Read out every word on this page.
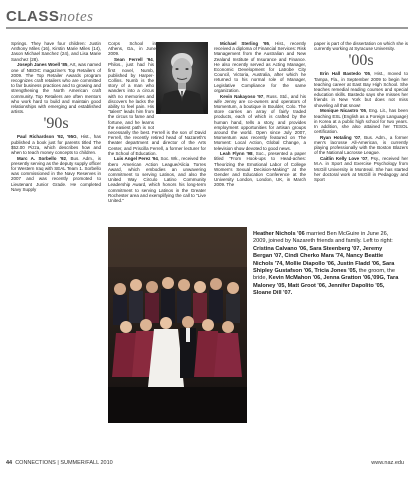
CLASSnotes

Springs. They have four children: Justin Anthony Miles (16), Kirstin Marie Miles (14), Jason Michael Sanchez (24), and Lisa Marie Sanchez (28).

Joseph Janes Woell '85, Art, was named one of NBOIC magazine's Top Retailers of 2009. The Top Retailer Awards program recognizes craft retailers who are committed to fair business practices and to growing and strengthening the North American craft community. Top Retailers are often mentors who work hard to build and maintain good relationships with emerging and established artists.

'90s

Paul Richardson '92, '95G, Hist., has published a book just for parents titled The $52.00 Pizza, which describes how and when to teach money concepts to children.

Marc A. Sorbello '92, Bus. Adm., is presently serving as the deputy supply officer for Western Iraq with SEAL Team 1. Sorbello was commissioned in the Navy Reserves in 2007 and was recently promoted to Lieutenant Junior Grade. He completed Navy Supply

Corps School in Athens, Ga., in June 2009.

Sean Ferrell '94, Philos., just had his first novel, Numb, published by Harper-Collins. Numb is the story of a man who wanders into a circus with no memories and discovers he lacks the ability to feel pain. His "talent" leads him from the circus to fame and fortune, and he learns the easiest path is not necessarily the best. Ferrell is the son of David Ferrell, the recently retired head of Nazareth's theater department and director of the Arts Center, and Priscilla Ferrell, a former lecturer for the School of Education.

Luis Angel Perez '94, Soc. Wk., received the Ibero American Action League/Alicia Torres Award, which embodies an unwavering commitment to serving Latinos, and also the United Way Circulo Latino Community Leadership Award, which honors his long-term commitment to serving Latinos in the Greater Rochester area and exemplifying the call to "Live United."

Michael Sterling '95, Hist., recently received a diploma of Financial Services: Risk Management from the Australian and New Zealand Institute of Insurance and Finance. He also recently served as Acting Manager, Economic Development for Latrobe City Council, Victoria, Australia, after which he returned to his normal role of Manager, Legislative Compliance for the same organization.

Kevin Nakayoso '97, Russ. Std., and his wife Jenny are co-owners and operators of Momentum, a boutique in Boulder, Colo. The store carries an array of fairly traded products, each of which is crafted by the human hand, tells a story, and provides employment opportunities for artisan groups around the world. Open since July 2007, Momentum was recently featured on The Moment: Local Action, Global Change, a television show devoted to good news.

Leah Flynn '98, Soc., presented a paper titled "From Hook-ups to Head-aches: Theorizing the Emotional Labor of College Women's Sexual Decision-Making" at the Gender and Education Conference at the University London, London, UK, in March 2009. The

paper is part of the dissertation on which she is currently working at Syracuse University.

'00s

Erin Hall Bastedo '05, Hist., moved to Tampa, Fla., in September 2009 to begin her teaching career at East Bay High School. She teaches remedial reading courses and special education skills. Bastedo says she misses her friends in New York but does not miss shoveling all that snow!

Monique Nicastro '05, Eng. Lit., has been teaching ESL (English as a Foreign Language) in Korea at a public high school for two years. In addition, she also attained her TESOL certification.

Ryan Hotaling '07, Bus. Adm., a former men's lacrosse All-American, is currently playing professionally with the Boston Blazers of the National Lacrosse League.

Caitlin Kelly Love '07, Psy., received her M.A. in Sport and Exercise Psychology from McGill University in Montreal. She has started her doctoral work at McGill in Pedagogy and Sport

Heather Nichols '06 married Ben McGuire in June 26, 2009, joined by Nazareth friends and family. Left to right: Cristina Calvano '06, Sara Steenberg '07, Jeremy Bergan '07, Cindi Cherko Mara '74, Nancy Beattie Nichols '74, Mollie Diapollo '06, Justin Fladd '06, Sara Shipley Gustafson '06, Tricia Jones '05, the groom, the bride, Kevin McMahon '06, Jenna Gratton '06,'09G, Tara Maloney '05, Matt Groot '06, Jennifer Dapolito '05, Sloane Dill '07.
44 CONNECTIONS | SUMMER/FALL 2010	www.naz.edu
